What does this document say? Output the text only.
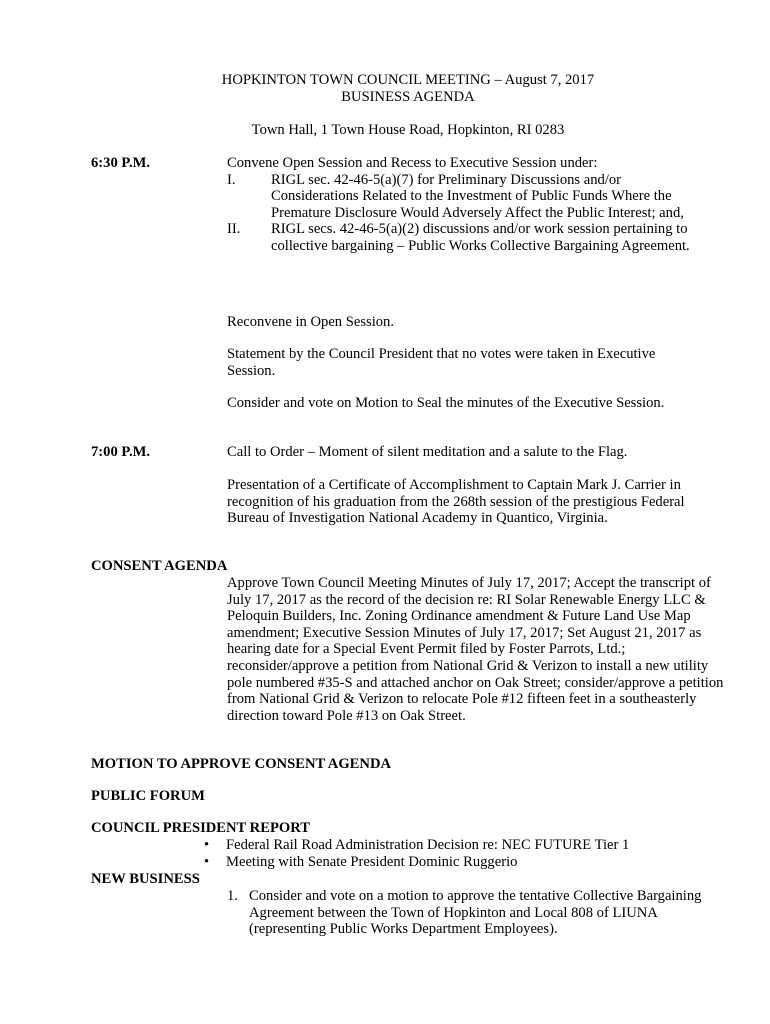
HOPKINTON TOWN COUNCIL MEETING – August 7, 2017
BUSINESS AGENDA
Town Hall, 1 Town House Road, Hopkinton, RI 0283
6:30 P.M.	Convene Open Session and Recess to Executive Session under:
I.	RIGL sec. 42-46-5(a)(7) for Preliminary Discussions and/or Considerations Related to the Investment of Public Funds Where the Premature Disclosure Would Adversely Affect the Public Interest; and,
II.	RIGL secs. 42-46-5(a)(2) discussions and/or work session pertaining to collective bargaining – Public Works Collective Bargaining Agreement.
Reconvene in Open Session.
Statement by the Council President that no votes were taken in Executive Session.
Consider and vote on Motion to Seal the minutes of the Executive Session.
7:00 P.M.	Call to Order – Moment of silent meditation and a salute to the Flag.
Presentation of a Certificate of Accomplishment to Captain Mark J. Carrier in recognition of his graduation from the 268th session of the prestigious Federal Bureau of Investigation National Academy in Quantico, Virginia.
CONSENT AGENDA
Approve Town Council Meeting Minutes of July 17, 2017; Accept the transcript of July 17, 2017 as the record of the decision re: RI Solar Renewable Energy LLC & Peloquin Builders, Inc. Zoning Ordinance amendment & Future Land Use Map amendment; Executive Session Minutes of July 17, 2017; Set August 21, 2017 as hearing date for a Special Event Permit filed by Foster Parrots, Ltd.; reconsider/approve a petition from National Grid & Verizon to install a new utility pole numbered #35-S and attached anchor on Oak Street; consider/approve a petition from National Grid & Verizon to relocate Pole #12 fifteen feet in a southeasterly direction toward Pole #13 on Oak Street.
MOTION TO APPROVE CONSENT AGENDA
PUBLIC FORUM
COUNCIL PRESIDENT REPORT
•	Federal Rail Road Administration Decision re: NEC FUTURE Tier 1
•	Meeting with Senate President Dominic Ruggerio
NEW BUSINESS
1. Consider and vote on a motion to approve the tentative Collective Bargaining Agreement between the Town of Hopkinton and Local 808 of LIUNA (representing Public Works Department Employees).
